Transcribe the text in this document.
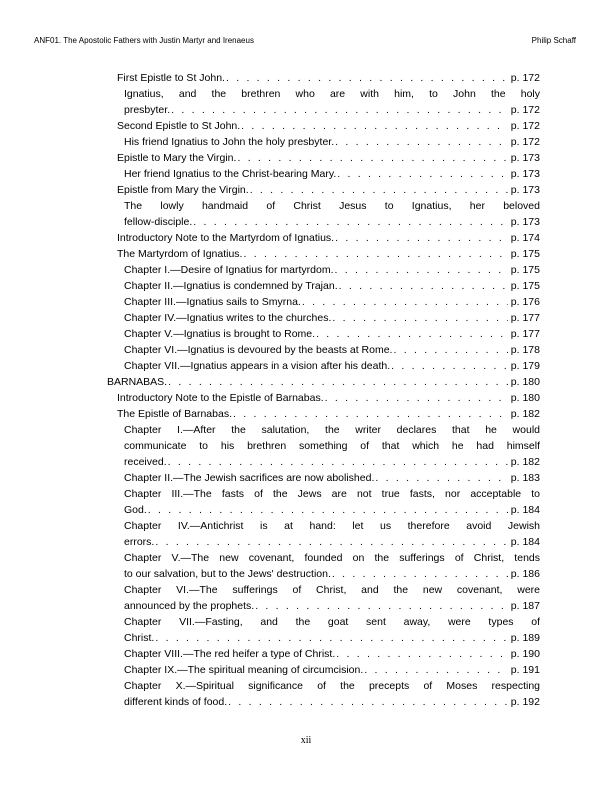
ANF01. The Apostolic Fathers with Justin Martyr and Irenaeus	Philip Schaff
First Epistle to St John. . . .	p. 172
Ignatius, and the brethren who are with him, to John the holy
presbyter. . . .	p. 172
Second Epistle to St John. . . .	p. 172
His friend Ignatius to John the holy presbyter. . . .	p. 172
Epistle to Mary the Virgin. . . .	p. 173
Her friend Ignatius to the Christ-bearing Mary. . . .	p. 173
Epistle from Mary the Virgin. . . .	p. 173
The lowly handmaid of Christ Jesus to Ignatius, her beloved
fellow-disciple. . . .	p. 173
Introductory Note to the Martyrdom of Ignatius. . . .	p. 174
The Martyrdom of Ignatius. . . .	p. 175
Chapter I.—Desire of Ignatius for martyrdom. . . .	p. 175
Chapter II.—Ignatius is condemned by Trajan. . . .	p. 175
Chapter III.—Ignatius sails to Smyrna. . . .	p. 176
Chapter IV.—Ignatius writes to the churches. . . .	p. 177
Chapter V.—Ignatius is brought to Rome. . . .	p. 177
Chapter VI.—Ignatius is devoured by the beasts at Rome. . . .	p. 178
Chapter VII.—Ignatius appears in a vision after his death. . . .	p. 179
BARNABAS. . . .	p. 180
Introductory Note to the Epistle of Barnabas. . . .	p. 180
The Epistle of Barnabas. . . .	p. 182
Chapter I.—After the salutation, the writer declares that he would
communicate to his brethren something of that which he had himself
received. . . .	p. 182
Chapter II.—The Jewish sacrifices are now abolished. . . .	p. 183
Chapter III.—The fasts of the Jews are not true fasts, nor acceptable to
God. . . .	p. 184
Chapter IV.—Antichrist is at hand: let us therefore avoid Jewish
errors. . . .	p. 184
Chapter V.—The new covenant, founded on the sufferings of Christ, tends
to our salvation, but to the Jews' destruction. . . .	p. 186
Chapter VI.—The sufferings of Christ, and the new covenant, were
announced by the prophets. . . .	p. 187
Chapter VII.—Fasting, and the goat sent away, were types of
Christ. . . .	p. 189
Chapter VIII.—The red heifer a type of Christ. . . .	p. 190
Chapter IX.—The spiritual meaning of circumcision. . . .	p. 191
Chapter X.—Spiritual significance of the precepts of Moses respecting
different kinds of food. . . .	p. 192
xii
